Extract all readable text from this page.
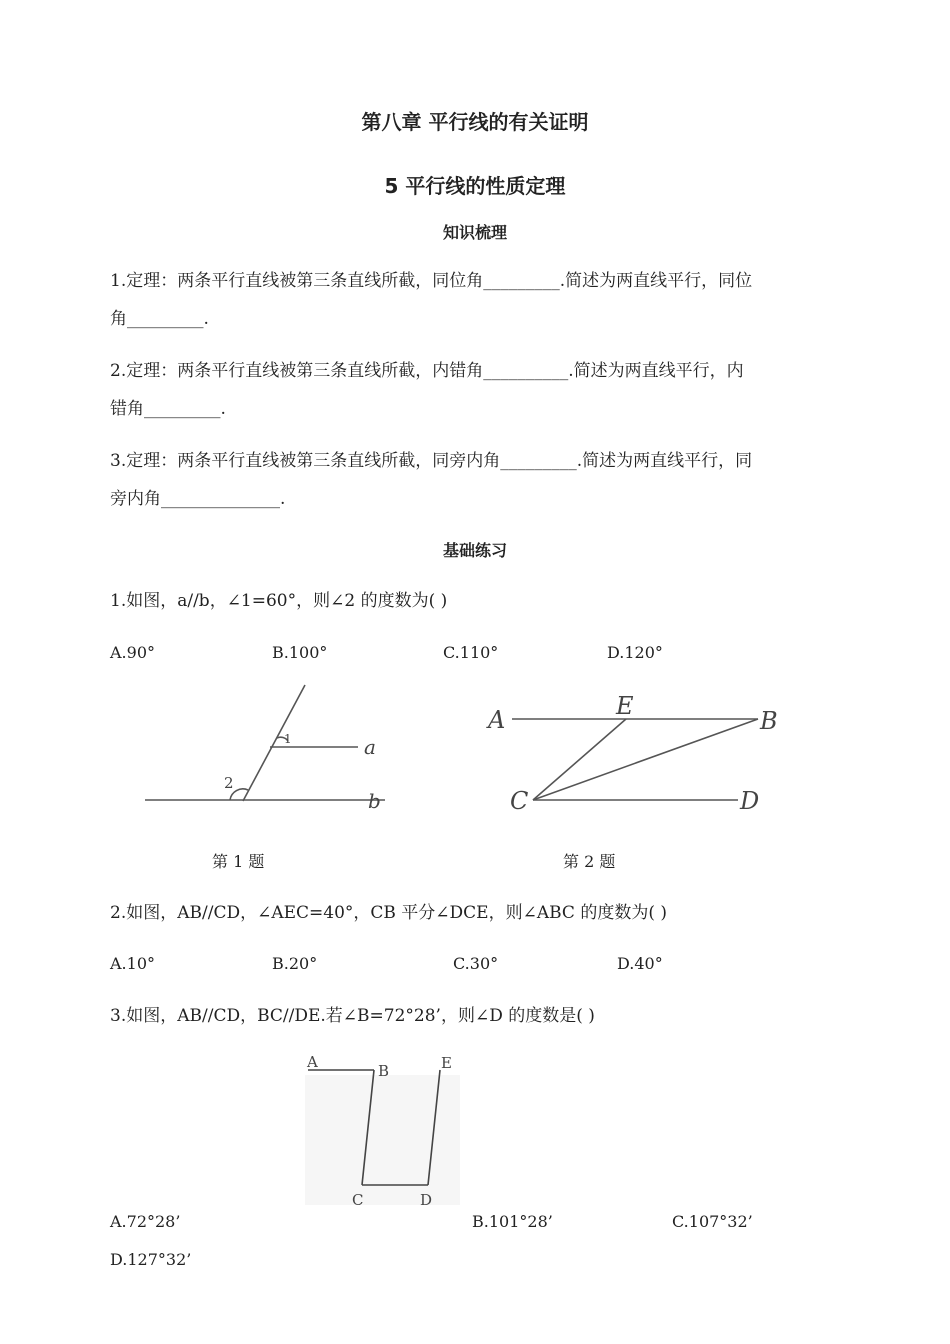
第八章 平行线的有关证明
5 平行线的性质定理
知识梳理
1.定理：两条平行直线被第三条直线所截，同位角_________.简述为两直线平行，同位
角_________.
2.定理：两条平行直线被第三条直线所截，内错角__________.简述为两直线平行，内
错角_________.
3.定理：两条平行直线被第三条直线所截，同旁内角_________.简述为两直线平行，同
旁内角______________.
基础练习
1.如图，a//b，∠1=60°，则∠2 的度数为( )
A.90°	B.100°	C.110°	D.120°
1	a
2
b
第 1 题
A	E
B
C	D
第 2 题
2.如图，AB//CD，∠AEC=40°，CB 平分∠DCE，则∠ABC 的度数为( )
A.10°	B.20°	C.30°	D.40°
3.如图，AB//CD，BC//DE.若∠B=72°28’，则∠D 的度数是( )
A	B	E
C	D
A.72°28’	B.101°28’	C.107°32’
D.127°32’
